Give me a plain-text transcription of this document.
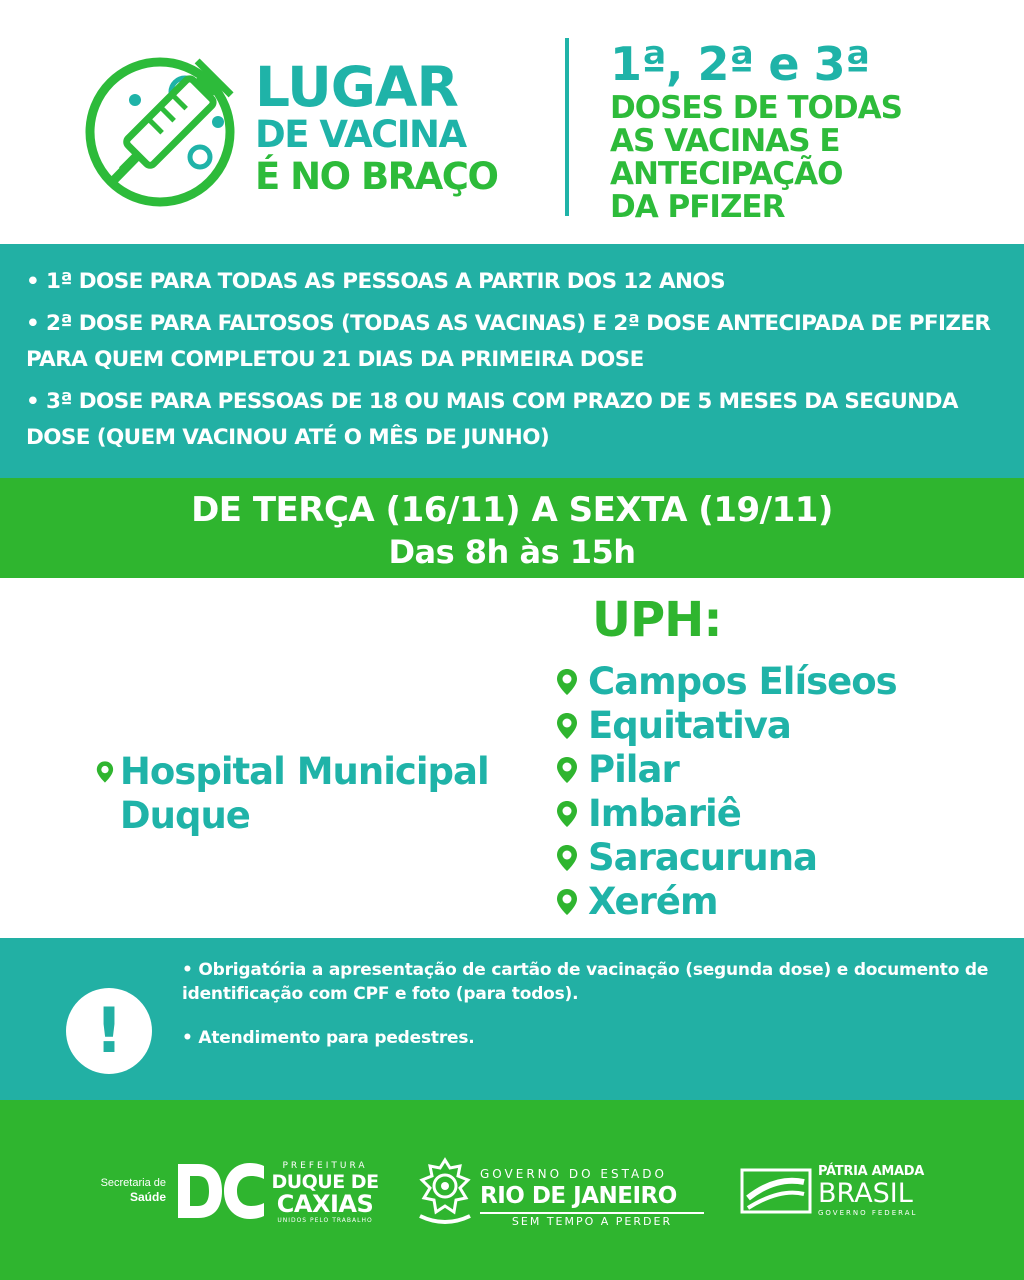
LUGAR
DE VACINA
É NO BRAÇO
1ª, 2ª e 3ª
DOSES DE TODAS
AS VACINAS E
ANTECIPAÇÃO
DA PFIZER

• 1ª DOSE PARA TODAS AS PESSOAS A PARTIR DOS 12 ANOS

• 2ª DOSE PARA FALTOSOS (TODAS AS VACINAS) E 2ª DOSE ANTECIPADA DE PFIZER PARA QUEM COMPLETOU 21 DIAS DA PRIMEIRA DOSE

• 3ª DOSE PARA PESSOAS DE 18 OU MAIS COM PRAZO DE 5 MESES DA SEGUNDA DOSE (QUEM VACINOU ATÉ O MÊS DE JUNHO)

DE TERÇA (16/11) A SEXTA (19/11)
Das 8h às 15h
Hospital Municipal Duque
UPH:
Campos Elíseos
Equitativa
Pilar
Imbariê
Saracuruna
Xerém
!

• Obrigatória a apresentação de cartão de vacinação (segunda dose) e documento de identificação com CPF e foto (para todos).

• Atendimento para pedestres.

Secretaria de
Saúde
PREFEITURA
DUQUE DE
CAXIAS
UNIDOS PELO TRABALHO
GOVERNO DO ESTADO
RIO DE JANEIRO
SEM TEMPO A PERDER
PÁTRIA AMADA
BRASIL
GOVERNO FEDERAL
